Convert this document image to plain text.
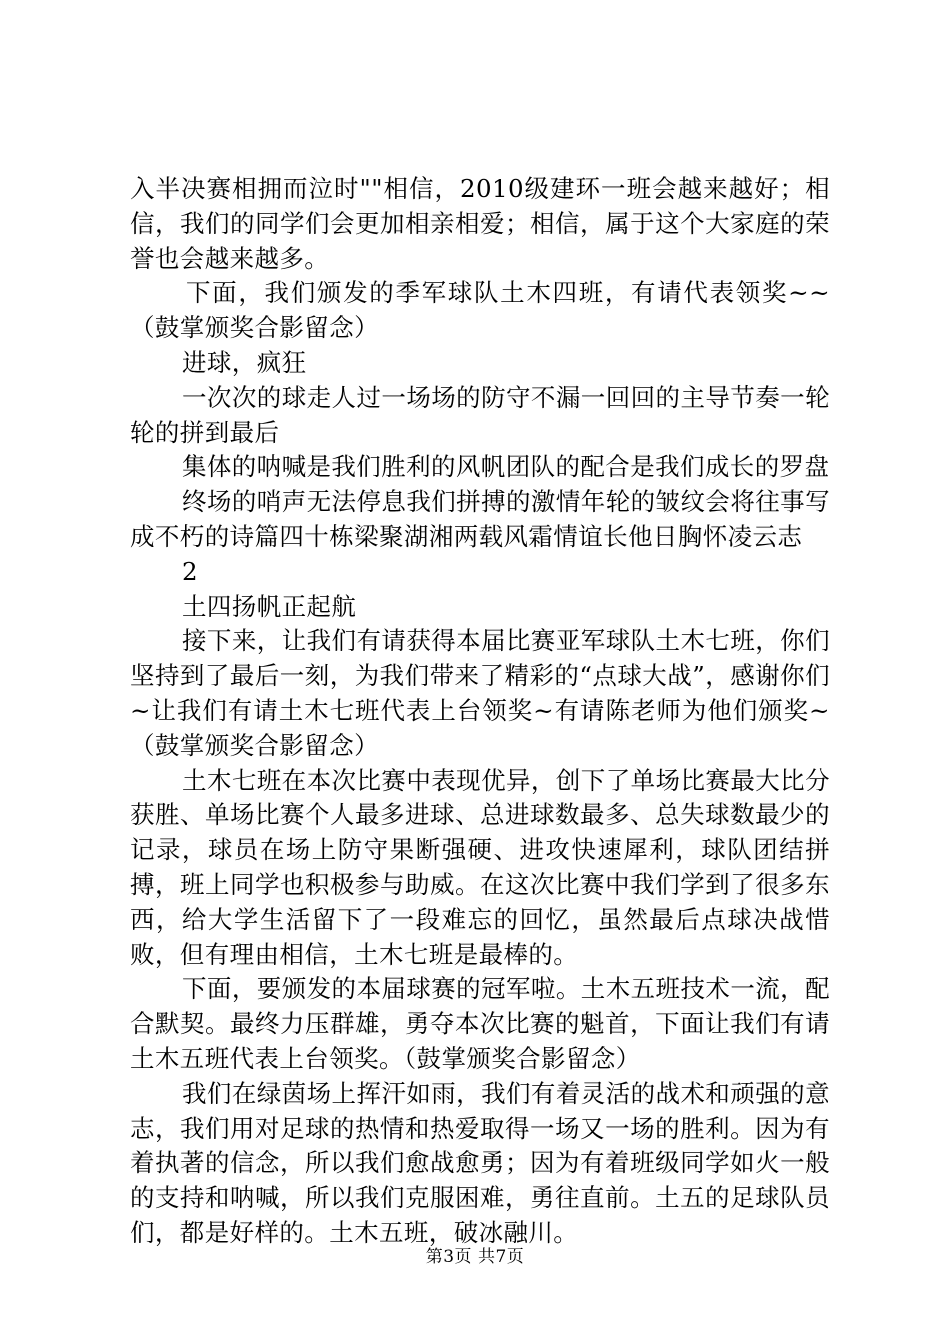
入半决赛相拥而泣时""相信，2010级建环一班会越来越好；相信，我们的同学们会更加相亲相爱；相信，属于这个大家庭的荣誉也会越来越多。

下面，我们颁发的季军球队土木四班，有请代表领奖~~（鼓掌颁奖合影留念）

进球，疯狂

一次次的球走人过一场场的防守不漏一回回的主导节奏一轮轮的拼到最后

集体的呐喊是我们胜利的风帆团队的配合是我们成长的罗盘

终场的哨声无法停息我们拼搏的激情年轮的皱纹会将往事写成不朽的诗篇四十栋梁聚湖湘两载风霜情谊长他日胸怀凌云志

2

土四扬帆正起航

接下来，让我们有请获得本届比赛亚军球队土木七班，你们坚持到了最后一刻，为我们带来了精彩的“点球大战”，感谢你们~让我们有请土木七班代表上台领奖~有请陈老师为他们颁奖~（鼓掌颁奖合影留念）

土木七班在本次比赛中表现优异，创下了单场比赛最大比分获胜、单场比赛个人最多进球、总进球数最多、总失球数最少的记录，球员在场上防守果断强硬、进攻快速犀利，球队团结拼搏，班上同学也积极参与助威。在这次比赛中我们学到了很多东西，给大学生活留下了一段难忘的回忆，虽然最后点球决战惜败，但有理由相信，土木七班是最棒的。

下面，要颁发的本届球赛的冠军啦。土木五班技术一流，配合默契。最终力压群雄，勇夺本次比赛的魁首，下面让我们有请土木五班代表上台领奖。（鼓掌颁奖合影留念）

我们在绿茵场上挥汗如雨，我们有着灵活的战术和顽强的意志，我们用对足球的热情和热爱取得一场又一场的胜利。因为有着执著的信念，所以我们愈战愈勇；因为有着班级同学如火一般的支持和呐喊，所以我们克服困难，勇往直前。土五的足球队员们，都是好样的。土木五班，破冰融川。

第3页 共7页
